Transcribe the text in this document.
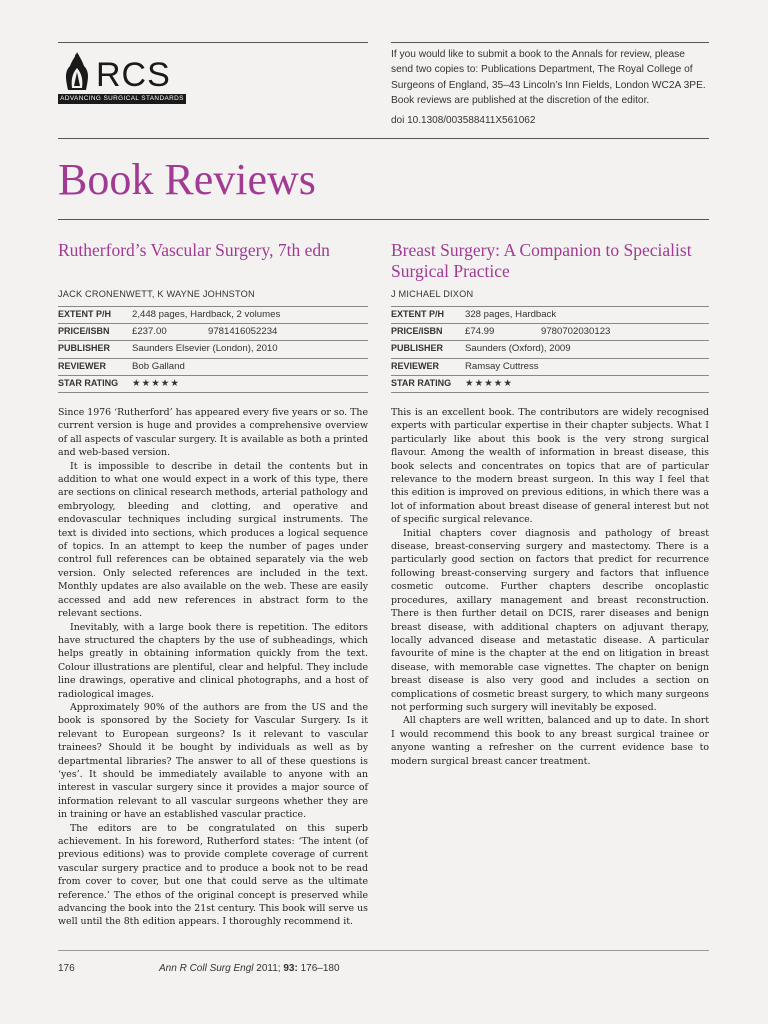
RCS
ADVANCING SURGICAL STANDARDS
If you would like to submit a book to the Annals for review, please send two copies to: Publications Department, The Royal College of Surgeons of England, 35–43 Lincoln’s Inn Fields, London WC2A 3PE. Book reviews are published at the discretion of the editor.
doi 10.1308/003588411X561062
Book Reviews
Rutherford’s Vascular Surgery, 7th edn
JACK CRONENWETT, K WAYNE JOHNSTON
EXTENT P/H 2,448 pages, Hardback, 2 volumes
PRICE/ISBN £237.00	9781416052234
PUBLISHER Saunders Elsevier (London), 2010
REVIEWER	Bob Galland
STAR RATING ★★★★★

Since 1976 ‘Rutherford’ has appeared every five years or so. The current version is huge and provides a comprehensive overview of all aspects of vascular surgery. It is available as both a printed and web-based version.

It is impossible to describe in detail the contents but in addition to what one would expect in a work of this type, there are sections on clinical research methods, arterial pathology and embryology, bleeding and clotting, and operative and endovascular techniques including surgical instruments. The text is divided into sections, which produces a logical sequence of topics. In an attempt to keep the number of pages under control full references can be obtained separately via the web version. Only selected references are included in the text. Monthly updates are also available on the web. These are easily accessed and add new references in abstract form to the relevant sections.

Inevitably, with a large book there is repetition. The editors have structured the chapters by the use of subheadings, which helps greatly in obtaining information quickly from the text. Colour illustrations are plentiful, clear and helpful. They include line drawings, operative and clinical photographs, and a host of radiological images.

Approximately 90% of the authors are from the US and the book is sponsored by the Society for Vascular Surgery. Is it relevant to European surgeons? Is it relevant to vascular trainees? Should it be bought by individuals as well as by departmental libraries? The answer to all of these questions is ‘yes’. It should be immediately available to anyone with an interest in vascular surgery since it provides a major source of information relevant to all vascular surgeons whether they are in training or have an established vascular practice.

The editors are to be congratulated on this superb achievement. In his foreword, Rutherford states: ‘The intent (of previous editions) was to provide complete coverage of current vascular surgery practice and to produce a book not to be read from cover to cover, but one that could serve as the ultimate reference.’ The ethos of the original concept is preserved while advancing the book into the 21st century. This book will serve us well until the 8th edition appears. I thoroughly recommend it.

Breast Surgery: A Companion to Specialist Surgical Practice
J MICHAEL DIXON
EXTENT P/H 328 pages, Hardback
PRICE/ISBN £74.99	9780702030123
PUBLISHER Saunders (Oxford), 2009
REVIEWER	Ramsay Cuttress
STAR RATING ★★★★★

This is an excellent book. The contributors are widely recognised experts with particular expertise in their chapter subjects. What I particularly like about this book is the very strong surgical flavour. Among the wealth of information in breast disease, this book selects and concentrates on topics that are of particular relevance to the modern breast surgeon. In this way I feel that this edition is improved on previous editions, in which there was a lot of information about breast disease of general interest but not of specific surgical relevance.

Initial chapters cover diagnosis and pathology of breast disease, breast-conserving surgery and mastectomy. There is a particularly good section on factors that predict for recurrence following breast-conserving surgery and factors that influence cosmetic outcome. Further chapters describe oncoplastic procedures, axillary management and breast reconstruction. There is then further detail on DCIS, rarer diseases and benign breast disease, with additional chapters on adjuvant therapy, locally advanced disease and metastatic disease. A particular favourite of mine is the chapter at the end on litigation in breast disease, with memorable case vignettes. The chapter on benign breast disease is also very good and includes a section on complications of cosmetic breast surgery, to which many surgeons not performing such surgery will inevitably be exposed.

All chapters are well written, balanced and up to date. In short I would recommend this book to any breast surgical trainee or anyone wanting a refresher on the current evidence base to modern surgical breast cancer treatment.

176	Ann R Coll Surg Engl 2011; 93: 176–180
